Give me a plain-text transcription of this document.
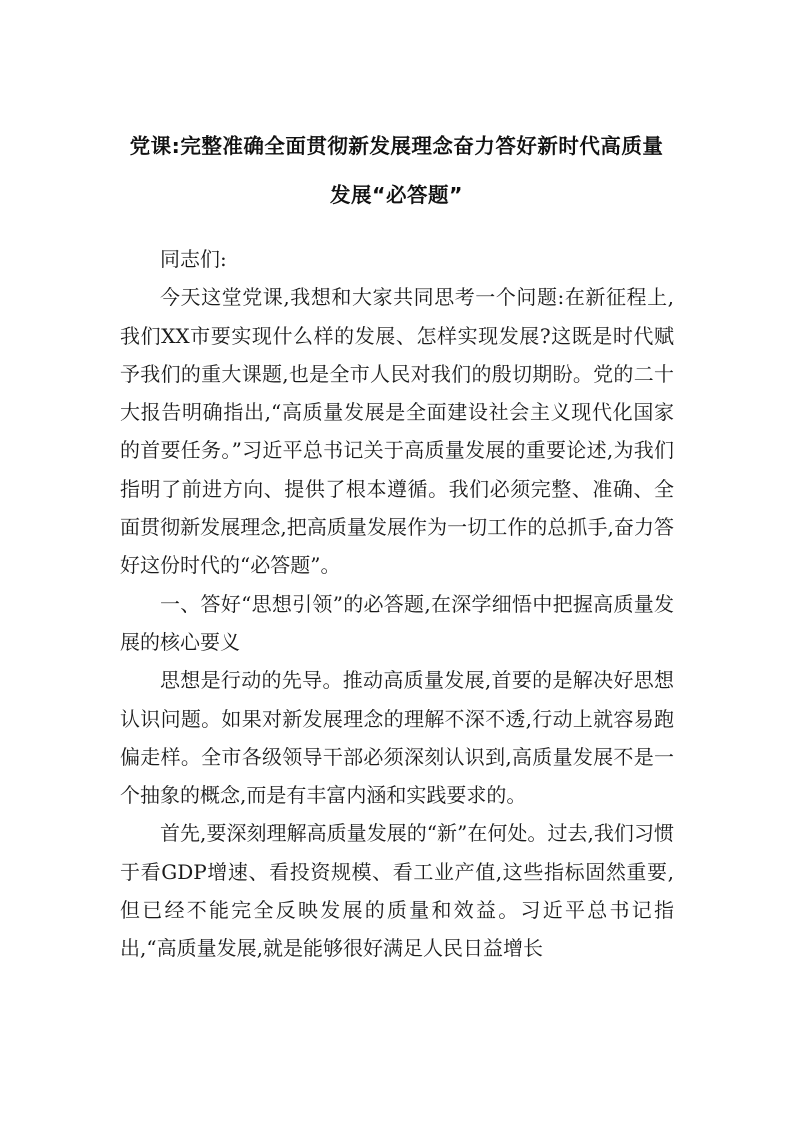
党课:完整准确全面贯彻新发展理念奋力答好新时代高质量
发展“必答题”

同志们:

今天这堂党课,我想和大家共同思考一个问题:在新征程上,我们XX市要实现什么样的发展、怎样实现发展?这既是时代赋予我们的重大课题,也是全市人民对我们的殷切期盼。党的二十大报告明确指出,“高质量发展是全面建设社会主义现代化国家的首要任务。”习近平总书记关于高质量发展的重要论述,为我们指明了前进方向、提供了根本遵循。我们必须完整、准确、全面贯彻新发展理念,把高质量发展作为一切工作的总抓手,奋力答好这份时代的“必答题”。

一、答好“思想引领”的必答题,在深学细悟中把握高质量发展的核心要义

思想是行动的先导。推动高质量发展,首要的是解决好思想认识问题。如果对新发展理念的理解不深不透,行动上就容易跑偏走样。全市各级领导干部必须深刻认识到,高质量发展不是一个抽象的概念,而是有丰富内涵和实践要求的。

首先,要深刻理解高质量发展的“新”在何处。过去,我们习惯于看GDP增速、看投资规模、看工业产值,这些指标固然重要,但已经不能完全反映发展的质量和效益。习近平总书记指出,“高质量发展,就是能够很好满足人民日益增长
